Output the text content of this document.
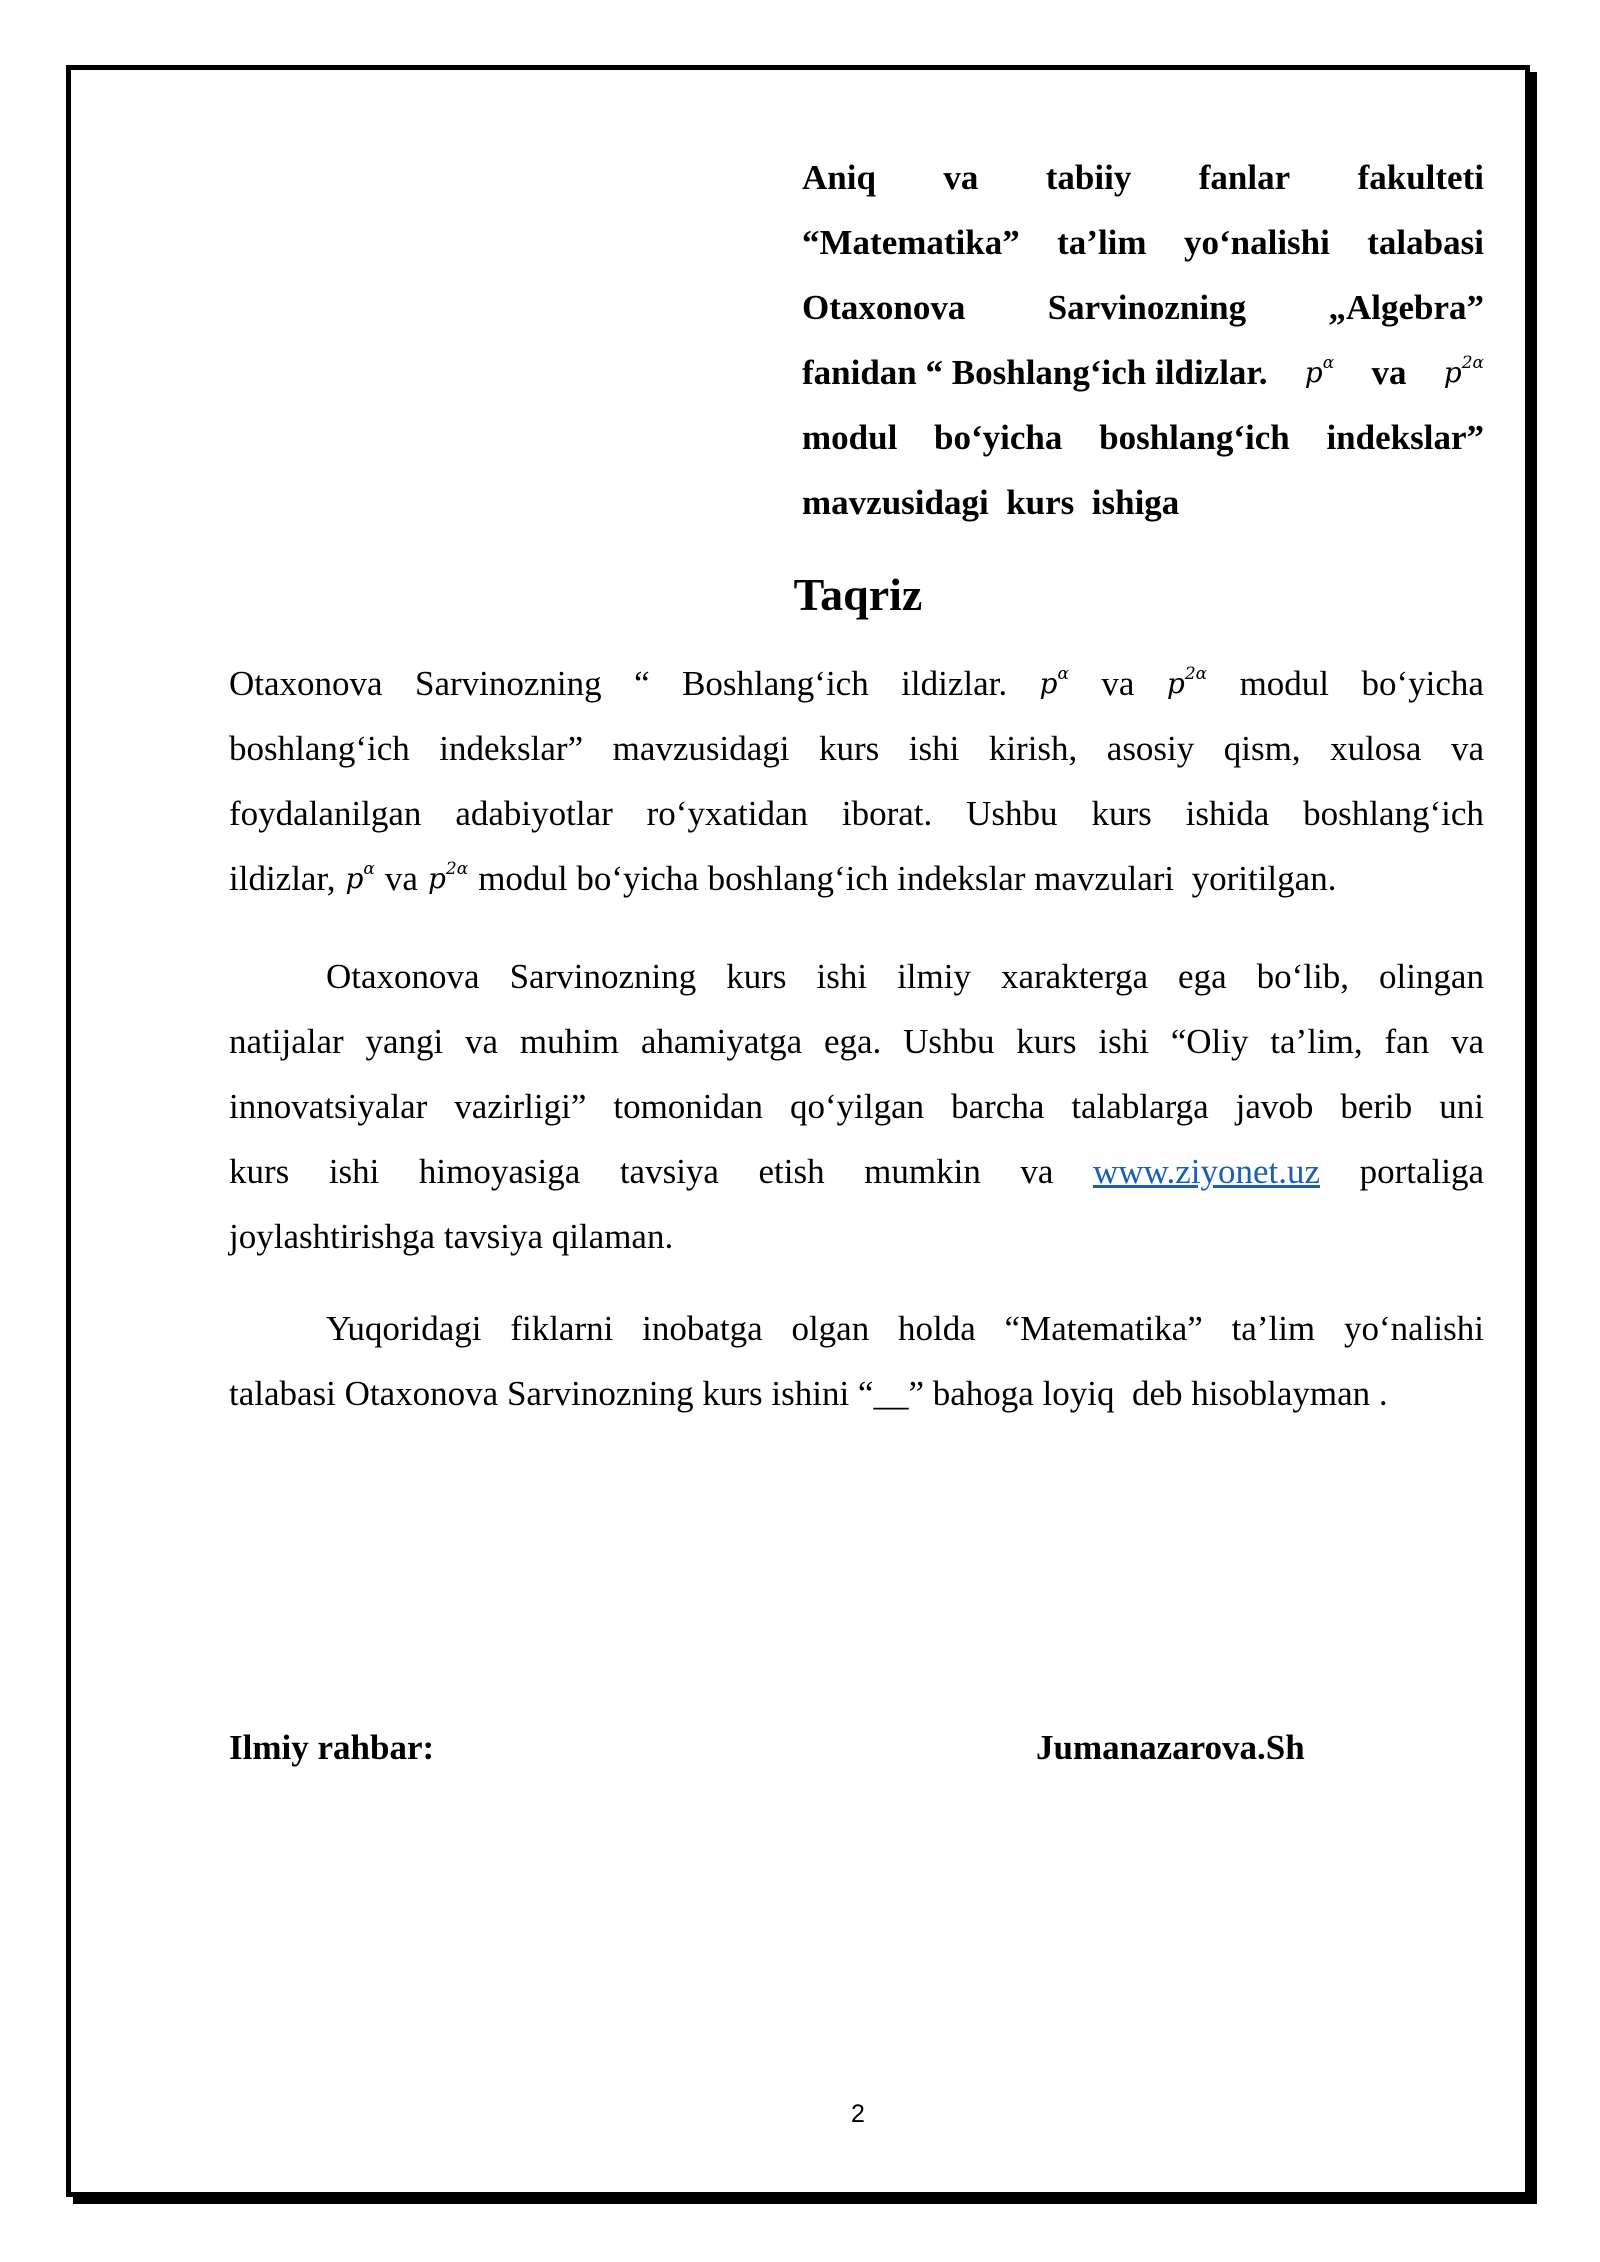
Aniq va tabiiy fanlar fakulteti
“Matematika” ta’lim yo‘nalishi talabasi
Otaxonova Sarvinozning „Algebra”
fanidan “ Boshlang‘ich ildizlar. $p^\alpha$ va $p^{2\alpha}$
modul bo‘yicha boshlang‘ich indekslar”
mavzusidagi  kurs  ishiga
Taqriz
Otaxonova Sarvinozning “ Boshlang‘ich ildizlar. $p^\alpha$ va $p^{2\alpha}$ modul bo‘yicha
boshlang‘ich indekslar” mavzusidagi kurs ishi kirish, asosiy qism, xulosa va
foydalanilgan adabiyotlar ro‘yxatidan iborat. Ushbu kurs ishida boshlang‘ich
ildizlar, $p^\alpha$ va $p^{2\alpha}$ modul bo‘yicha boshlang‘ich indekslar mavzulari  yoritilgan.
Otaxonova Sarvinozning kurs ishi ilmiy xarakterga ega bo‘lib, olingan
natijalar yangi va muhim ahamiyatga ega. Ushbu kurs ishi “Oliy ta’lim, fan va
innovatsiyalar vazirligi” tomonidan qo‘yilgan barcha talablarga javob berib uni
kurs ishi himoyasiga tavsiya etish mumkin va www.ziyonet.uz portaliga
joylashtirishga tavsiya qilaman.
Yuqoridagi fiklarni inobatga olgan holda “Matematika” ta’lim yo‘nalishi
talabasi Otaxonova Sarvinozning kurs ishini “__” bahoga loyiq  deb hisoblayman .
Ilmiy rahbar:	Jumanazarova.Sh
2
